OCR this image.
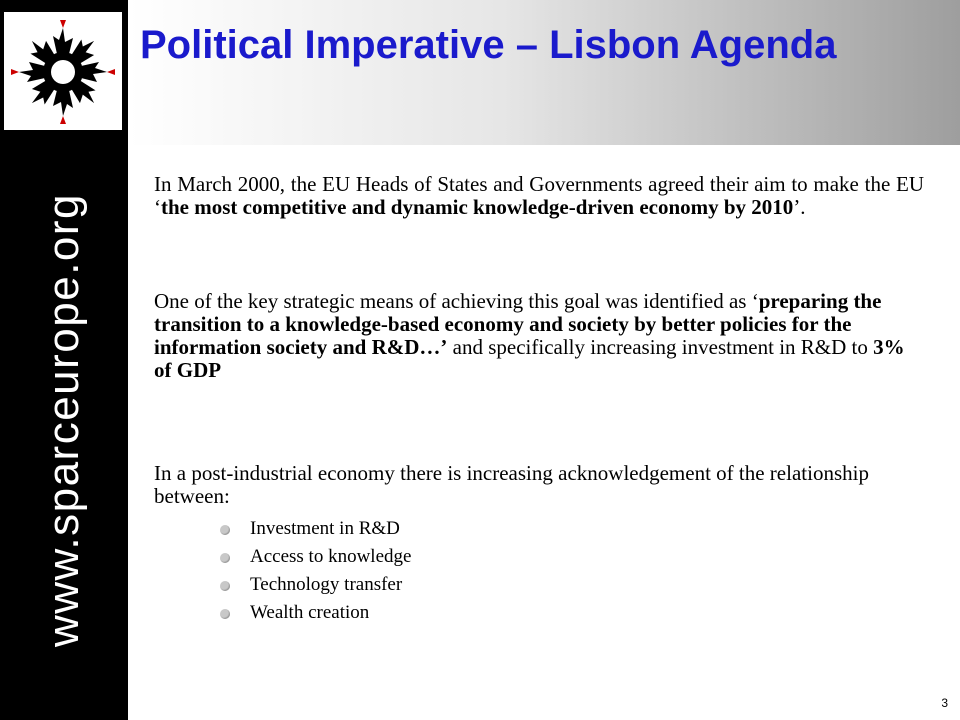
www.sparceurope.org
Political Imperative – Lisbon Agenda

In March 2000, the EU Heads of States and Governments agreed their aim to make the EU ‘the most competitive and dynamic knowledge-driven economy by 2010’.

One of the key strategic means of achieving this goal was identified as ‘preparing the transition to a knowledge-based economy and society by better policies for the information society and R&D…’ and specifically increasing investment in R&D to 3% of GDP

In a post-industrial economy there is increasing acknowledgement of the relationship between:

Investment in R&D
Access to knowledge
Technology transfer
Wealth creation
3
